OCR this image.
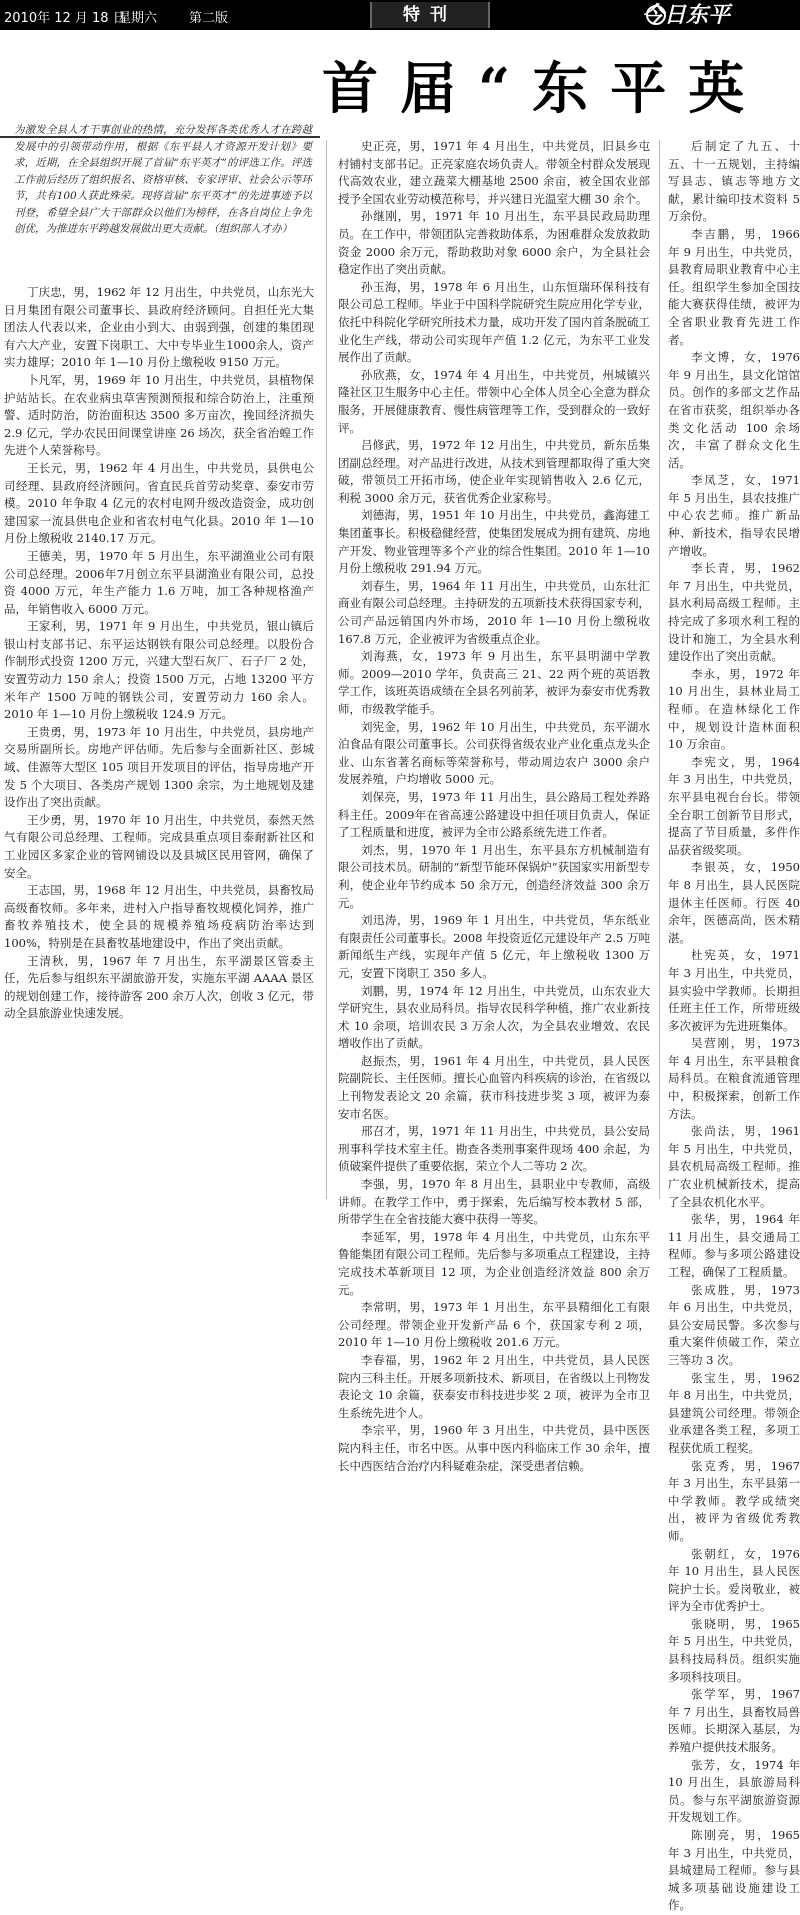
2010年 12 月 18 日
星期六 第二版	特刊	今日东平
首届“东平英
为激发全县人才干事创业的热情，充分发挥各类优秀人才在跨越发展中的引领带动作用，根据《东平县人才资源开发计划》要求，近期，在全县组织开展了首届“东平英才”的评选工作。评选工作前后经历了组织报名、资格审核、专家评审、社会公示等环节，共有100人获此殊荣。现将首届“东平英才”的先进事迹予以刊登，希望全县广大干部群众以他们为榜样，在各自岗位上争先创优，为推进东平跨越发展做出更大贡献。（组织部人才办）

丁庆忠，男，1962 年 12 月出生，中共党员，山东光大日月集团有限公司董事长、县政府经济顾问。自担任光大集团法人代表以来，企业由小到大、由弱到强，创建的集团现有六大产业，安置下岗职工、大中专毕业生1000余人，资产实力雄厚；2010 年 1—10 月份上缴税收 9150 万元。

卜凡军，男，1969 年 10 月出生，中共党员，县植物保护站站长。在农业病虫草害预测预报和综合防治上，注重预警、适时防治，防治面积达 3500 多万亩次，挽回经济损失 2.9 亿元，学办农民田间课堂讲座 26 场次，获全省治蝗工作先进个人荣誉称号。

王长元，男，1962 年 4 月出生，中共党员，县供电公司经理、县政府经济顾问。省直民兵首劳动奖章、泰安市劳模。2010 年争取 4 亿元的农村电网升级改造资金，成功创建国家一流县供电企业和省农村电气化县。2010 年 1—10 月份上缴税收 2140.17 万元。

王德美，男，1970 年 5 月出生，东平湖渔业公司有限公司总经理。2006年7月创立东平县湖渔业有限公司，总投资 4000 万元，年生产能力 1.6 万吨，加工各种规格渔产品，年销售收入 6000 万元。

王家利，男，1971 年 9 月出生，中共党员，银山镇后银山村支部书记、东平运达钢铁有限公司总经理。以股份合作制形式投资 1200 万元，兴建大型石灰厂、石子厂 2 处，安置劳动力 150 余人；投资 1500 万元，占地 13200 平方米年产 1500 万吨的钢铁公司，安置劳动力 160 余人。2010 年 1—10 月份上缴税收 124.9 万元。

王贵勇，男，1973 年 10 月出生，中共党员，县房地产交易所副所长。房地产评估师。先后参与全面新社区、彭城域、佳源等大型区 105 项目开发项目的评估，指导房地产开发 5 个大项目、各类房产规划 1300 余宗，为土地规划及建设作出了突出贡献。

王少勇，男，1970 年 10 月出生，中共党员，泰然天然气有限公司总经理、工程师。完成县重点项目泰耐新社区和工业园区多家企业的管网铺设以及县城区民用管网，确保了安全。

王志国，男，1968 年 12 月出生，中共党员，县畜牧局高级畜牧师。多年来，进村入户指导畜牧规模化饲养，推广畜牧养殖技术，使全县的规模养殖场疫病防治率达到 100%，特别是在县畜牧基地建设中，作出了突出贡献。

王清秋，男，1967 年 7 月出生，东平湖景区管委主任，先后参与组织东平湖旅游开发，实施东平湖 AAAA 景区的规划创建工作，接待游客 200 余万人次，创收 3 亿元，带动全县旅游业快速发展。

史正亮，男，1971 年 4 月出生，中共党员，旧县乡屯村铺村支部书记。正亮家庭农场负责人。带领全村群众发展现代高效农业，建立蔬菜大棚基地 2500 余亩，被全国农业部授予全国农业劳动模范称号，并兴建日光温室大棚 30 余个。

孙继刚，男，1971 年 10 月出生，东平县民政局助理员。在工作中，带领团队完善救助体系，为困难群众发放救助资金 2000 余万元，帮助救助对象 6000 余户，为全县社会稳定作出了突出贡献。

孙玉海，男，1978 年 6 月出生，山东恒瑞环保科技有限公司总工程师。毕业于中国科学院研究生院应用化学专业，依托中科院化学研究所技术力量，成功开发了国内首条脱硫工业化生产线，带动公司实现年产值 1.2 亿元，为东平工业发展作出了贡献。

孙欣燕，女，1974 年 4 月出生，中共党员，州城镇兴隆社区卫生服务中心主任。带领中心全体人员全心全意为群众服务，开展健康教育、慢性病管理等工作，受到群众的一致好评。

吕修武，男，1972 年 12 月出生，中共党员，新东岳集团副总经理。对产品进行改进，从技术到管理都取得了重大突破，带领员工开拓市场，使企业年实现销售收入 2.6 亿元，利税 3000 余万元，获省优秀企业家称号。

刘德海，男，1951 年 10 月出生，中共党员，鑫海建工集团董事长。积极稳健经营，使集团发展成为拥有建筑、房地产开发、物业管理等多个产业的综合性集团。2010 年 1—10 月份上缴税收 291.94 万元。

刘春生，男，1964 年 11 月出生，中共党员，山东壮汇商业有限公司总经理。主持研发的五项新技术获得国家专利，公司产品远销国内外市场，2010 年 1—10 月份上缴税收 167.8 万元，企业被评为省级重点企业。

刘海燕，女，1973 年 9 月出生，东平县明湖中学教师。2009—2010 学年，负责高三 21、22 两个班的英语教学工作，该班英语成绩在全县名列前茅，被评为泰安市优秀教师，市级教学能手。

刘宪金，男，1962 年 10 月出生，中共党员，东平湖水泊食品有限公司董事长。公司获得省级农业产业化重点龙头企业、山东省著名商标等荣誉称号，带动周边农户 3000 余户发展养殖，户均增收 5000 元。

刘保亮，男，1973 年 11 月出生，县公路局工程处养路科主任。2009年在省高速公路建设中担任项目负责人，保证了工程质量和进度，被评为全市公路系统先进工作者。

刘杰，男，1970 年 1 月出生，东平县东方机械制造有限公司技术员。研制的“新型节能环保锅炉”获国家实用新型专利，使企业年节约成本 50 余万元，创造经济效益 300 余万元。

刘迅涛，男，1969 年 1 月出生，中共党员，华东纸业有限责任公司董事长。2008 年投资近亿元建设年产 2.5 万吨新闻纸生产线，实现年产值 5 亿元，年上缴税收 1300 万元，安置下岗职工 350 多人。

刘鹏，男，1974 年 12 月出生，中共党员，山东农业大学研究生，县农业局科员。指导农民科学种植，推广农业新技术 10 余项，培训农民 3 万余人次，为全县农业增效、农民增收作出了贡献。

赵振杰，男，1961 年 4 月出生，中共党员，县人民医院副院长、主任医师。擅长心血管内科疾病的诊治，在省级以上刊物发表论文 20 余篇，获市科技进步奖 3 项，被评为泰安市名医。

邢召才，男，1971 年 11 月出生，中共党员，县公安局刑事科学技术室主任。勘查各类刑事案件现场 400 余起，为侦破案件提供了重要依据，荣立个人二等功 2 次。

李强，男，1970 年 8 月出生，县职业中专教师，高级讲师。在教学工作中，勇于探索，先后编写校本教材 5 部，所带学生在全省技能大赛中获得一等奖。

李延军，男，1978 年 4 月出生，中共党员，山东东平鲁能集团有限公司工程师。先后参与多项重点工程建设，主持完成技术革新项目 12 项，为企业创造经济效益 800 余万元。

李常明，男，1973 年 1 月出生，东平县精细化工有限公司经理。带领企业开发新产品 6 个，获国家专利 2 项，2010 年 1—10 月份上缴税收 201.6 万元。

李春福，男，1962 年 2 月出生，中共党员，县人民医院内三科主任。开展多项新技术、新项目，在省级以上刊物发表论文 10 余篇，获泰安市科技进步奖 2 项，被评为全市卫生系统先进个人。

李宗平，男，1960 年 3 月出生，中共党员，县中医医院内科主任，市名中医。从事中医内科临床工作 30 余年，擅长中西医结合治疗内科疑难杂症，深受患者信赖。

后制定了九五、十五、十一五规划，主持编写县志、镇志等地方文献，累计编印技术资料 5 万余份。

李吉鹏，男，1966 年 9 月出生，中共党员，县教育局职业教育中心主任。组织学生参加全国技能大赛获得佳绩，被评为全省职业教育先进工作者。

李文博，女，1976 年 9 月出生，县文化馆馆员。创作的多部文艺作品在省市获奖，组织举办各类文化活动 100 余场次，丰富了群众文化生活。

李凤芝，女，1971 年 5 月出生，县农技推广中心农艺师。推广新品种、新技术，指导农民增产增收。

李长青，男，1962 年 7 月出生，中共党员，县水利局高级工程师。主持完成了多项水利工程的设计和施工，为全县水利建设作出了突出贡献。

李永，男，1972 年 10 月出生，县林业局工程师。在造林绿化工作中，规划设计造林面积 10 万余亩。

李宪文，男，1964 年 3 月出生，中共党员，东平县电视台台长。带领全台职工创新节目形式，提高了节目质量，多件作品获省级奖项。

李银英，女，1950 年 8 月出生，县人民医院退休主任医师。行医 40 余年，医德高尚，医术精湛。

杜宪英，女，1971 年 3 月出生，中共党员，县实验中学教师。长期担任班主任工作，所带班级多次被评为先进班集体。

吴营刚，男，1973 年 4 月出生，东平县粮食局科员。在粮食流通管理中，积极探索，创新工作方法。

张尚法，男，1961 年 5 月出生，中共党员，县农机局高级工程师。推广农业机械新技术，提高了全县农机化水平。

张华，男，1964 年 11 月出生，县交通局工程师。参与多项公路建设工程，确保了工程质量。

张成胜，男，1973 年 6 月出生，中共党员，县公安局民警。多次参与重大案件侦破工作，荣立三等功 3 次。

张宝生，男，1962 年 8 月出生，中共党员，县建筑公司经理。带领企业承建各类工程，多项工程获优质工程奖。

张克秀，男，1967 年 3 月出生，东平县第一中学教师。教学成绩突出，被评为省级优秀教师。

张朝红，女，1976 年 10 月出生，县人民医院护士长。爱岗敬业，被评为全市优秀护士。

张晓明，男，1965 年 5 月出生，中共党员，县科技局科员。组织实施多项科技项目。

张学军，男，1967 年 7 月出生，县畜牧局兽医师。长期深入基层，为养殖户提供技术服务。

张芳，女，1974 年 10 月出生，县旅游局科员。参与东平湖旅游资源开发规划工作。

陈刚亮，男，1965 年 3 月出生，中共党员，县城建局工程师。参与县城多项基础设施建设工作。
